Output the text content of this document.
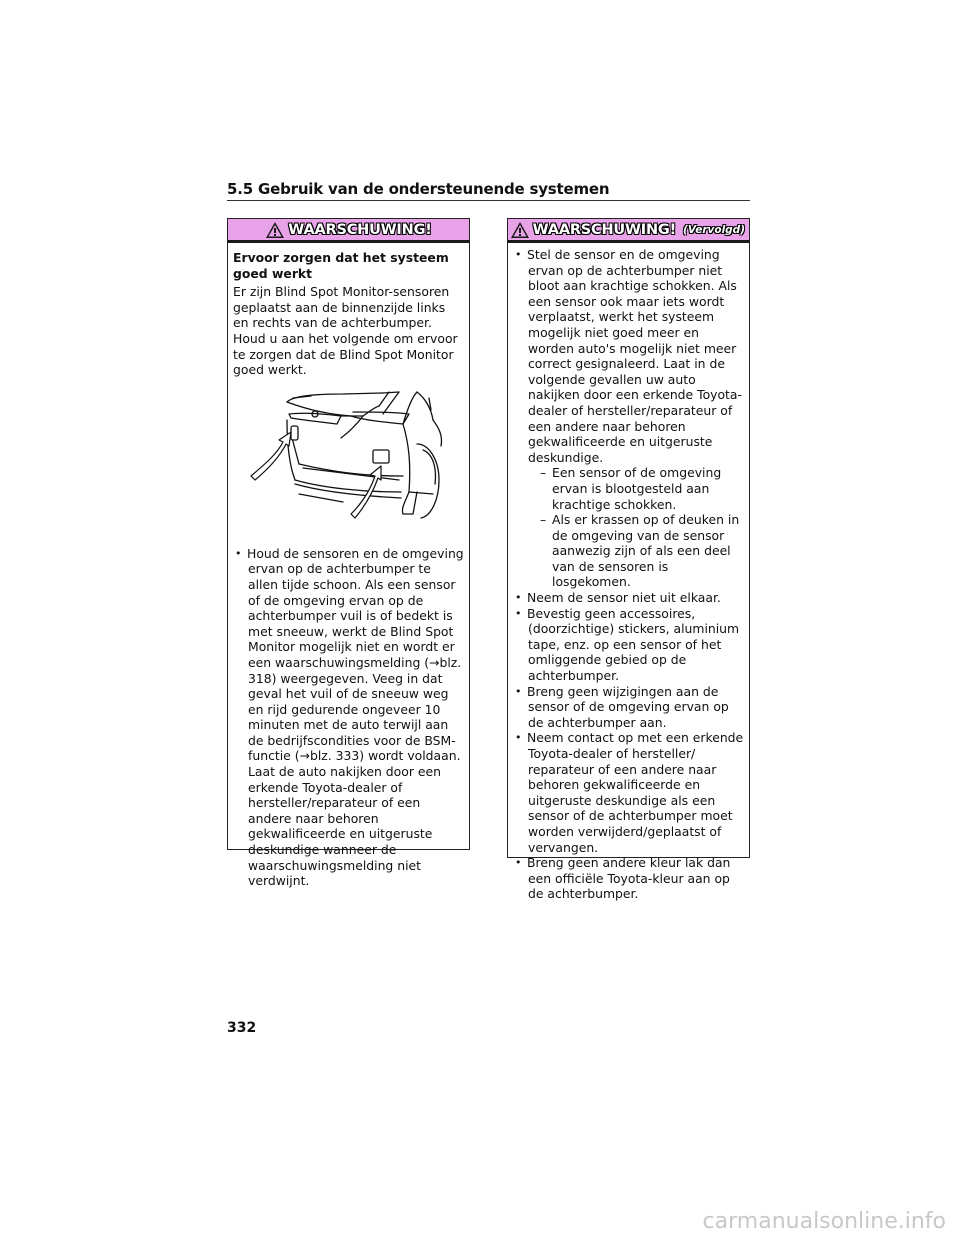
5.5 Gebruik van de ondersteunende systemen
WAARSCHUWING!
Ervoor zorgen dat het systeem goed werkt
Er zijn Blind Spot Monitor-sensoren geplaatst aan de binnenzijde links en rechts van de achterbumper. Houd u aan het volgende om ervoor te zorgen dat de Blind Spot Monitor goed werkt.
• Houd de sensoren en de omgeving ervan op de achterbumper te allen tijde schoon. Als een sensor of de omgeving ervan op de achterbumper vuil is of bedekt is met sneeuw, werkt de Blind Spot Monitor mogelijk niet en wordt er een waarschuwingsmelding (→blz. 318) weergegeven. Veeg in dat geval het vuil of de sneeuw weg en rijd gedurende ongeveer 10 minuten met de auto terwijl aan de bedrijfscondities voor de BSM-functie (→blz. 333) wordt voldaan. Laat de auto nakijken door een erkende Toyota-dealer of hersteller/reparateur of een andere naar behoren gekwalificeerde en uitgeruste deskundige wanneer de waarschuwingsmelding niet verdwijnt.
WAARSCHUWING! (Vervolgd)
• Stel de sensor en de omgeving ervan op de achterbumper niet bloot aan krachtige schokken. Als een sensor ook maar iets wordt verplaatst, werkt het systeem mogelijk niet goed meer en worden auto's mogelijk niet meer correct gesignaleerd. Laat in de volgende gevallen uw auto nakijken door een erkende Toyota-dealer of hersteller/reparateur of een andere naar behoren gekwalificeerde en uitgeruste deskundige.
– Een sensor of de omgeving ervan is blootgesteld aan krachtige schokken.
– Als er krassen op of deuken in de omgeving van de sensor aanwezig zijn of als een deel van de sensoren is losgekomen.
• Neem de sensor niet uit elkaar.
• Bevestig geen accessoires, (doorzichtige) stickers, aluminium tape, enz. op een sensor of het omliggende gebied op de achterbumper.
• Breng geen wijzigingen aan de sensor of de omgeving ervan op de achterbumper aan.
• Neem contact op met een erkende Toyota-dealer of hersteller/ reparateur of een andere naar behoren gekwalificeerde en uitgeruste deskundige als een sensor of de achterbumper moet worden verwijderd/geplaatst of vervangen.
• Breng geen andere kleur lak dan een officiële Toyota-kleur aan op de achterbumper.
332
carmanualsonline.info
